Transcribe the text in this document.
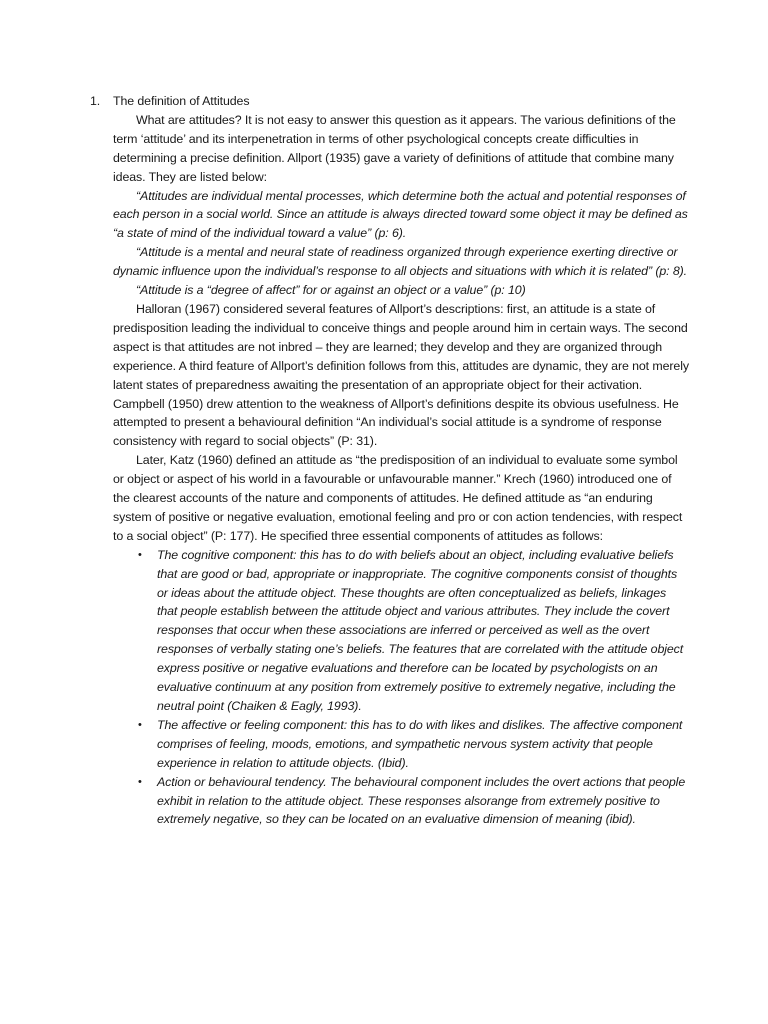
1.	The definition of Attitudes

What are attitudes? It is not easy to answer this question as it appears. The various definitions of the term ‘attitude’ and its interpenetration in terms of other psychological concepts create difficulties in determining a precise definition. Allport (1935) gave a variety of definitions of attitude that combine many ideas. They are listed below:

“Attitudes are individual mental processes, which determine both the actual and potential responses of each person in a social world. Since an attitude is always directed toward some object it may be defined as “a state of mind of the individual toward a value” (p: 6).

“Attitude is a mental and neural state of readiness organized through experience exerting directive or dynamic influence upon the individual’s response to all objects and situations with which it is related” (p: 8).

“Attitude is a “degree of affect” for or against an object or a value” (p: 10)

Halloran (1967) considered several features of Allport’s descriptions: first, an attitude is a state of predisposition leading the individual to conceive things and people around him in certain ways. The second aspect is that attitudes are not inbred – they are learned; they develop and they are organized through experience. A third feature of Allport’s definition follows from this, attitudes are dynamic, they are not merely latent states of preparedness awaiting the presentation of an appropriate object for their activation. Campbell (1950) drew attention to the weakness of Allport’s definitions despite its obvious usefulness. He attempted to present a behavioural definition “An individual’s social attitude is a syndrome of response consistency with regard to social objects” (P: 31).

Later, Katz (1960) defined an attitude as “the predisposition of an individual to evaluate some symbol or object or aspect of his world in a favourable or unfavourable manner.” Krech (1960) introduced one of the clearest accounts of the nature and components of attitudes. He defined attitude as “an enduring system of positive or negative evaluation, emotional feeling and pro or con action tendencies, with respect to a social object” (P: 177). He specified three essential components of attitudes as follows:

• The cognitive component: this has to do with beliefs about an object, including evaluative beliefs that are good or bad, appropriate or inappropriate. The cognitive components consist of thoughts or ideas about the attitude object. These thoughts are often conceptualized as beliefs, linkages that people establish between the attitude object and various attributes. They include the covert responses that occur when these associations are inferred or perceived as well as the overt responses of verbally stating one’s beliefs. The features that are correlated with the attitude object express positive or negative evaluations and therefore can be located by psychologists on an evaluative continuum at any position from extremely positive to extremely negative, including the neutral point (Chaiken & Eagly, 1993).
• The affective or feeling component: this has to do with likes and dislikes. The affective component comprises of feeling, moods, emotions, and sympathetic nervous system activity that people experience in relation to attitude objects. (Ibid).
• Action or behavioural tendency. The behavioural component includes the overt actions that people exhibit in relation to the attitude object. These responses alsorange from extremely positive to extremely negative, so they can be located on an evaluative dimension of meaning (ibid).
